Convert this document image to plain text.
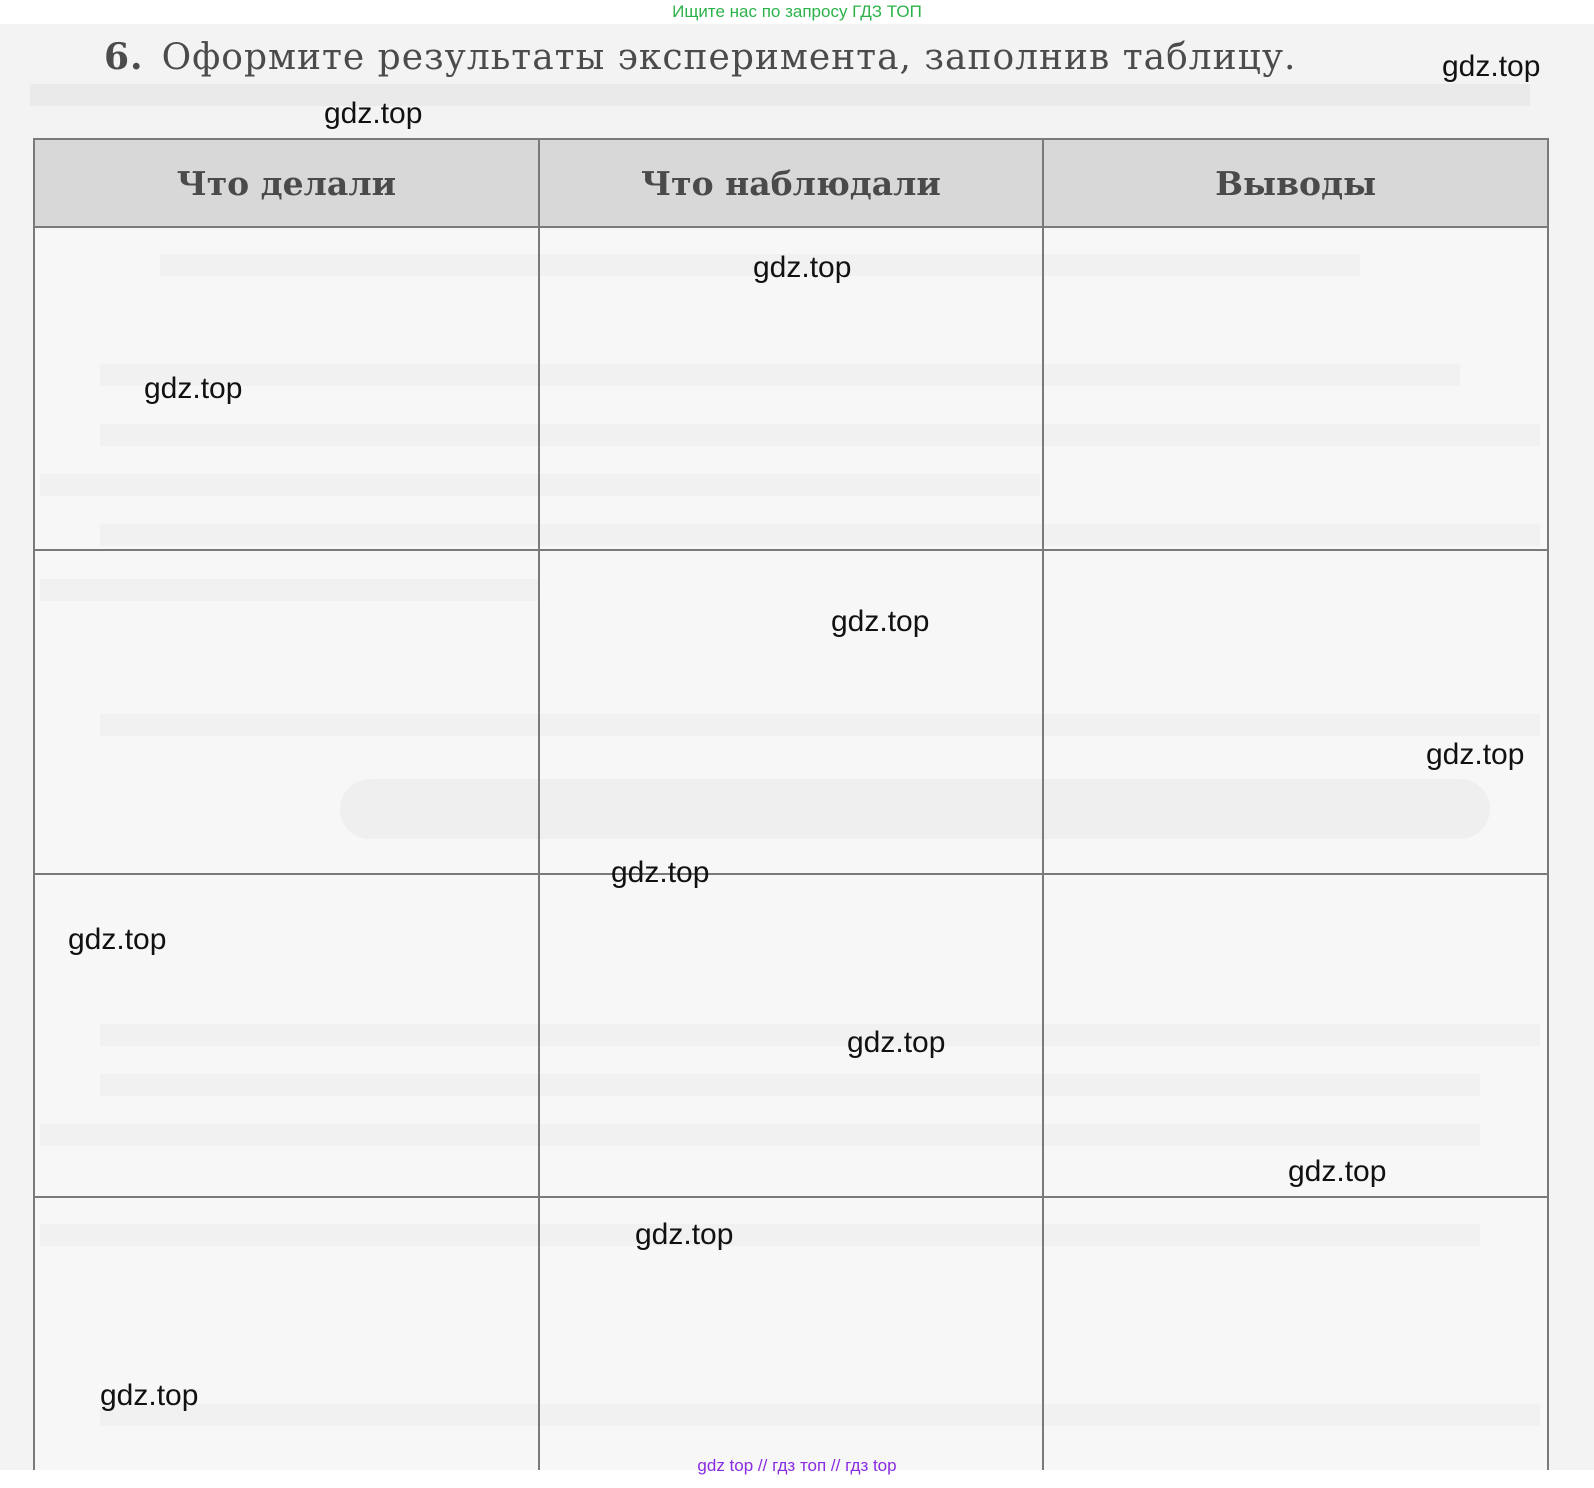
Ищите нас по запросу ГДЗ ТОП
6. Оформите результаты эксперимента, заполнив таблицу.
Что делали	Что наблюдали	Выводы

gdz.top
gdz.top
gdz.top
gdz.top
gdz.top
gdz.top
gdz.top
gdz.top
gdz.top
gdz.top
gdz.top
gdz.top
gdz top // гдз топ // гдз top
